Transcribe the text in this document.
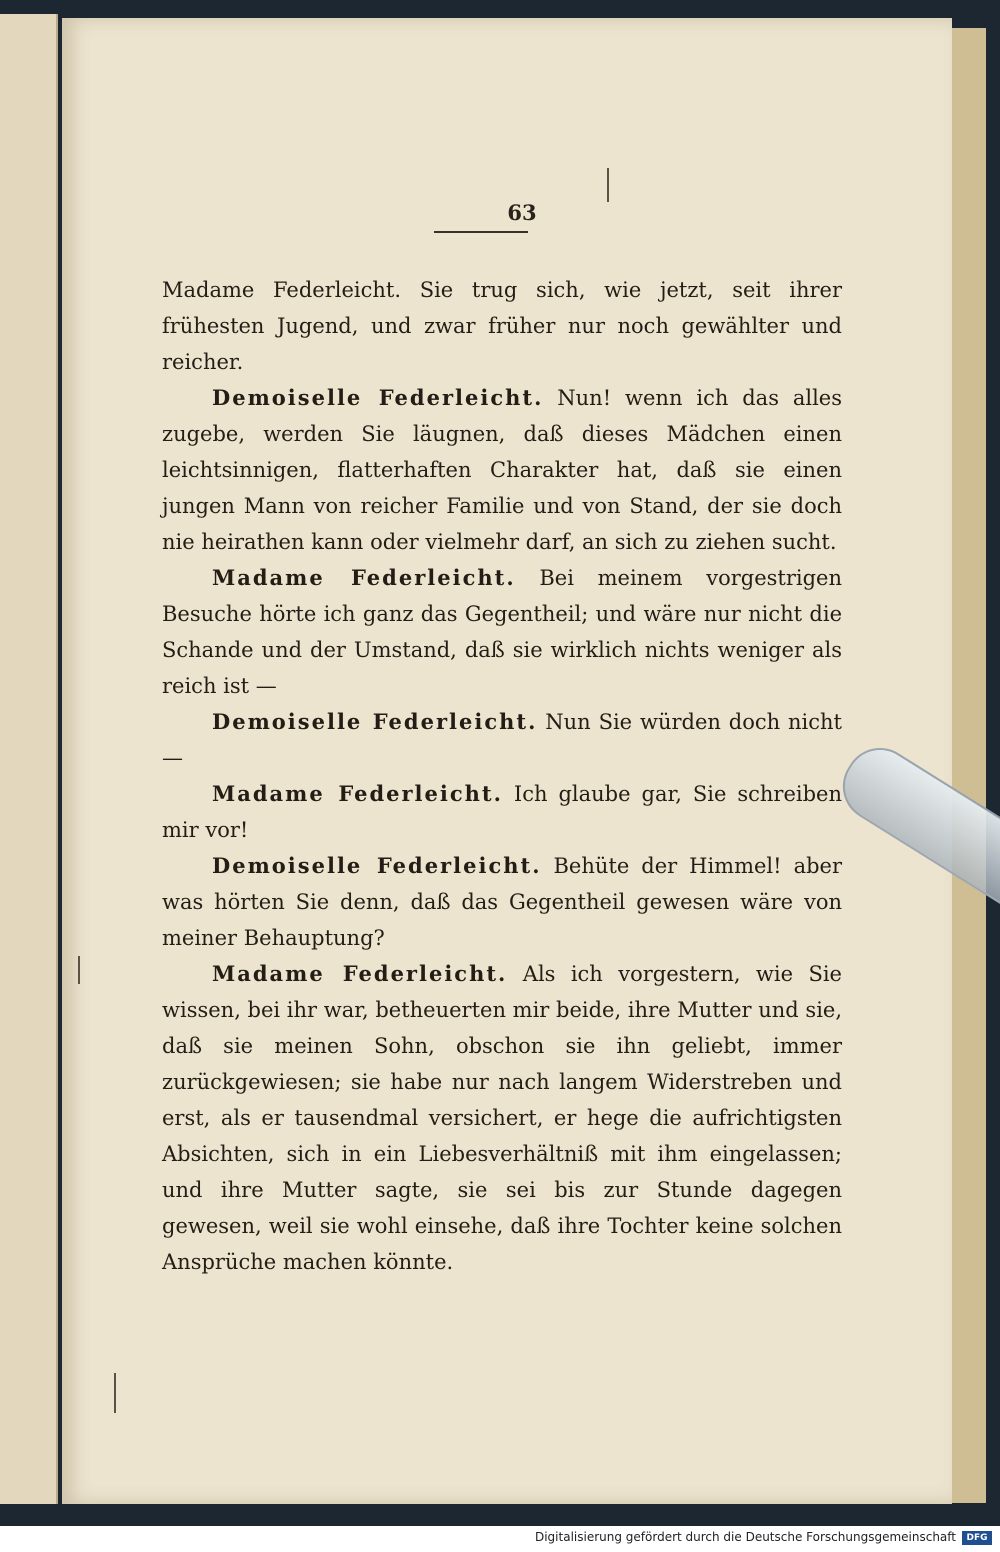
63

Madame Federleicht. Sie trug sich, wie jetzt, seit ihrer frühesten Jugend, und zwar früher nur noch gewählter und reicher.

Demoiselle Federleicht. Nun! wenn ich das alles zugebe, werden Sie läugnen, daß dieses Mädchen einen leichtsinnigen, flatterhaften Charakter hat, daß sie einen jungen Mann von reicher Familie und von Stand, der sie doch nie heirathen kann oder vielmehr darf, an sich zu ziehen sucht.

Madame Federleicht. Bei meinem vorgestrigen Besuche hörte ich ganz das Gegentheil; und wäre nur nicht die Schande und der Umstand, daß sie wirklich nichts weniger als reich ist —

Demoiselle Federleicht. Nun Sie würden doch nicht —

Madame Federleicht. Ich glaube gar, Sie schreiben mir vor!

Demoiselle Federleicht. Behüte der Himmel! aber was hörten Sie denn, daß das Gegentheil gewesen wäre von meiner Behauptung?

Madame Federleicht. Als ich vorgestern, wie Sie wissen, bei ihr war, betheuerten mir beide, ihre Mutter und sie, daß sie meinen Sohn, obschon sie ihn geliebt, immer zurückgewiesen; sie habe nur nach langem Widerstreben und erst, als er tausendmal versichert, er hege die aufrichtigsten Absichten, sich in ein Liebesverhältniß mit ihm eingelassen; und ihre Mutter sagte, sie sei bis zur Stunde dagegen gewesen, weil sie wohl einsehe, daß ihre Tochter keine solchen Ansprüche machen könnte.

Digitalisierung gefördert durch die Deutsche Forschungsgemeinschaft	DFG
